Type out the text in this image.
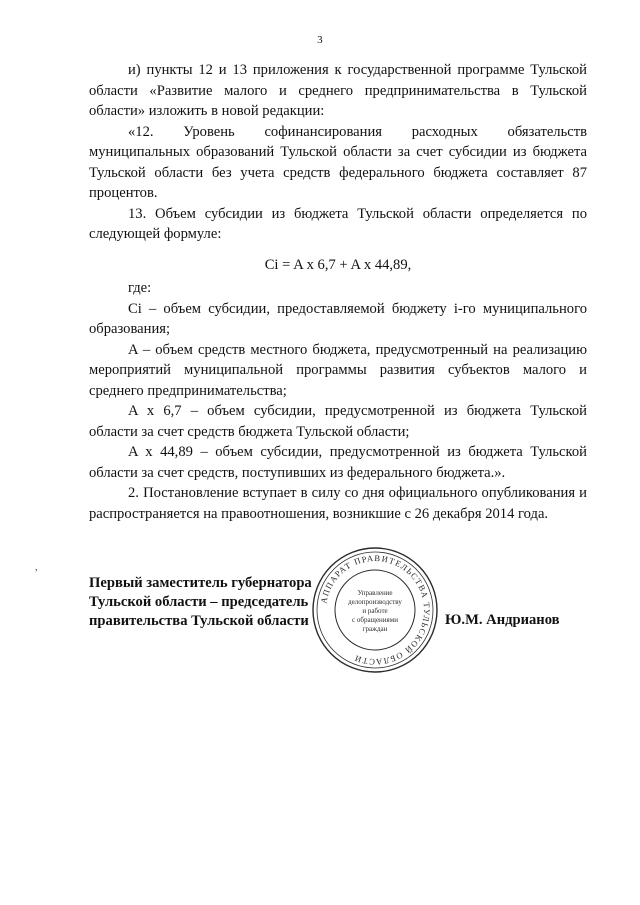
3

и) пункты 12 и 13 приложения к государственной программе Тульской области «Развитие малого и среднего предпринимательства в Тульской области» изложить в новой редакции:

«12. Уровень софинансирования расходных обязательств муниципальных образований Тульской области за счет субсидии из бюджета Тульской области без учета средств федерального бюджета составляет 87 процентов.

13. Объем субсидии из бюджета Тульской области определяется по следующей формуле:

Ci = A x 6,7 + A x 44,89,

где:

Ci – объем субсидии, предоставляемой бюджету i-го муниципального образования;

A – объем средств местного бюджета, предусмотренный на реализацию мероприятий муниципальной программы развития субъектов малого и среднего предпринимательства;

A x 6,7 – объем субсидии, предусмотренной из бюджета Тульской области за счет средств бюджета Тульской области;

A x 44,89 – объем субсидии, предусмотренной из бюджета Тульской области за счет средств, поступивших из федерального бюджета.».

2. Постановление вступает в силу со дня официального опубликования и распространяется на правоотношения, возникшие с 26 декабря 2014 года.

,
Первый заместитель губернатора
Тульской области – председатель
правительства Тульской области	Ю.М. Андрианов
АППАРАТ ПРАВИТЕЛЬСТВА ТУЛЬСКОЙ ОБЛАСТИ
Управление
делопроизводству
и работе
с обращениями
граждан
